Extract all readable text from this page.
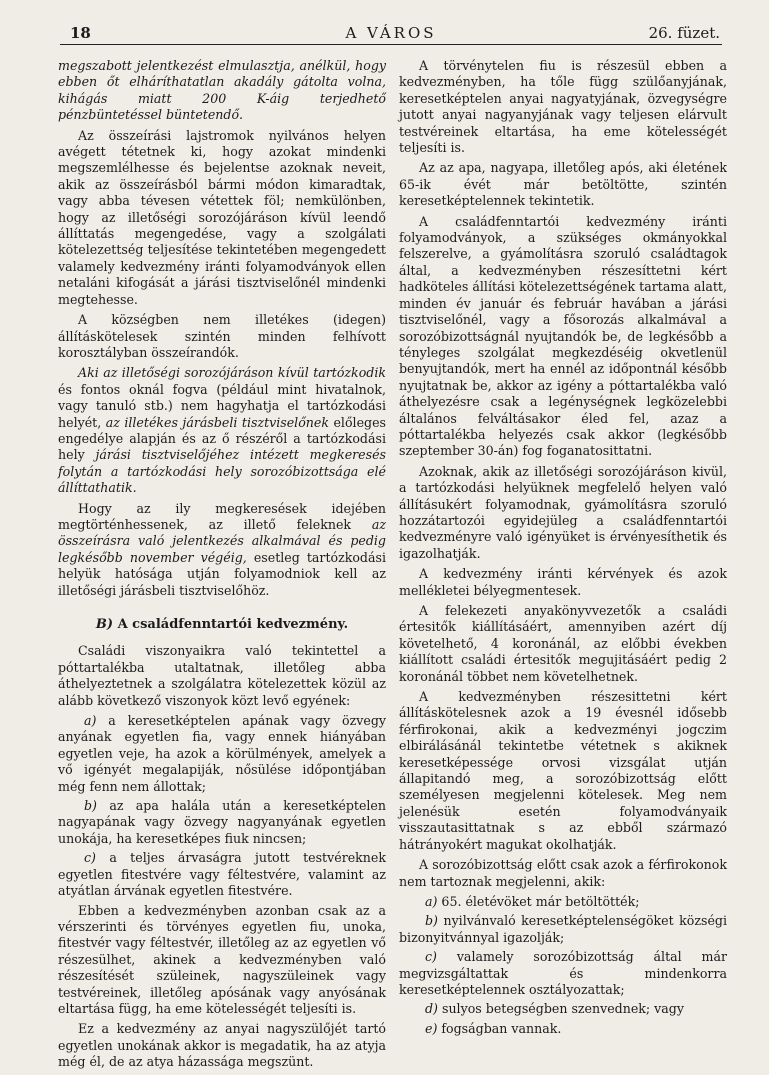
18	A VÁROS	26. füzet.

megszabott jelentkezést elmulasztja, anélkül, hogy ebben őt elháríthatatlan akadály gátolta volna, kihágás miatt 200 K-áig terjedhető pénzbüntetéssel büntetendő.

Az összeírási lajstromok nyilvános helyen avégett tétetnek ki, hogy azokat mindenki megszemlélhesse és bejelentse azoknak neveit, akik az összeírásból bármi módon kimaradtak, vagy abba tévesen vétettek föl; nemkülönben, hogy az illetőségi sorozójáráson kívül leendő állíttatás megengedése, vagy a szolgálati kötelezettség teljesítése tekintetében megengedett valamely kedvezmény iránti folyamodványok ellen netaláni kifogását a járási tisztviselőnél mindenki megtehesse.

A községben nem illetékes (idegen) állításkötelesek szintén minden felhívott korosztályban összeírandók.

Aki az illetőségi sorozójáráson kívül tartózkodik és fontos oknál fogva (például mint hivatalnok, vagy tanuló stb.) nem hagyhatja el tartózkodási helyét, az illetékes járásbeli tisztviselőnek előleges engedélye alapján és az ő részéről a tartózkodási hely járási tisztviselőjéhez intézett megkeresés folytán a tartózkodási hely sorozóbizottsága elé állíttathatik.

Hogy az ily megkeresések idejében megtörténhessenek, az illető feleknek az összeírásra való jelentkezés alkalmával és pedig legkésőbb november végéig, esetleg tartózkodási helyük hatósága utján folyamodniok kell az illetőségi járásbeli tisztviselőhöz.

B) A családfenntartói kedvezmény.

Családi viszonyaikra való tekintettel a póttartalékba utaltatnak, illetőleg abba áthelyeztetnek a szolgálatra kötelezettek közül az alább következő viszonyok közt levő egyének:

a) a keresetképtelen apának vagy özvegy anyának egyetlen fia, vagy ennek hiányában egyetlen veje, ha azok a körülmények, amelyek a vő igényét megalapiják, nősülése időpontjában még fenn nem állottak;

b) az apa halála után a keresetképtelen nagyapának vagy özvegy nagyanyának egyetlen unokája, ha keresetképes fiuk nincsen;

c) a teljes árvaságra jutott testvéreknek egyetlen fitestvére vagy féltestvére, valamint az atyátlan árvának egyetlen fitestvére.

Ebben a kedvezményben azonban csak az a vérszerinti és törvényes egyetlen fiu, unoka, fitestvér vagy féltestvér, illetőleg az az egyetlen vő részesülhet, akinek a kedvezményben való részesítését szüleinek, nagyszüleinek vagy testvéreinek, illetőleg apósának vagy anyósának eltartása függ, ha eme kötelességét teljesíti is.

Ez a kedvezmény az anyai nagyszülőjét tartó egyetlen unokának akkor is megadatik, ha az atyja még él, de az atya házassága megszünt.

A törvénytelen fiu is részesül ebben a kedvezményben, ha tőle függ szülőanyjának, keresetképtelen anyai nagyatyjának, özvegységre jutott anyai nagyanyjának vagy teljesen elárvult testvéreinek eltartása, ha eme kötelességét teljesíti is.

Az az apa, nagyapa, illetőleg após, aki életének 65-ik évét már betöltötte, szintén keresetképtelennek tekintetik.

A családfenntartói kedvezmény iránti folyamodványok, a szükséges okmányokkal felszerelve, a gyámolításra szoruló családtagok által, a kedvezményben részesíttetni kért hadköteles állítási kötelezettségének tartama alatt, minden év január és február havában a járási tisztviselőnél, vagy a fősorozás alkalmával a sorozóbizottságnál nyujtandók be, de legkésőbb a tényleges szolgálat megkezdéséig okvetlenül benyujtandók, mert ha ennél az időpontnál később nyujtatnak be, akkor az igény a póttartalékba való áthelyezésre csak a legénységnek legközelebbi általános felváltásakor éled fel, azaz a póttartalékba helyezés csak akkor (legkésőbb szeptember 30-án) fog foganatosittatni.

Azoknak, akik az illetőségi sorozójáráson kivül, a tartózkodási helyüknek megfelelő helyen való állításukért folyamodnak, gyámolításra szoruló hozzátartozói egyidejüleg a családfenntartói kedvezményre való igényüket is érvényesíthetik és igazolhatják.

A kedvezmény iránti kérvények és azok mellékletei bélyegmentesek.

A felekezeti anyakönyvvezetők a családi értesitők kiállításáért, amennyiben azért díj követelhető, 4 koronánál, az előbbi években kiállított családi értesitők megujitásáért pedig 2 koronánál többet nem követelhetnek.

A kedvezményben részesittetni kért állításkötelesnek azok a 19 évesnél idősebb férfirokonai, akik a kedvezményi jogczim elbirálásánál tekintetbe vétetnek s akiknek keresetképessége orvosi vizsgálat utján állapitandó meg, a sorozóbizottság előtt személyesen megjelenni kötelesek. Meg nem jelenésük esetén folyamodványaik visszautasittatnak s az ebből származó hátrányokért magukat okolhatják.

A sorozóbizottság előtt csak azok a férfirokonok nem tartoznak megjelenni, akik:

a) 65. életévöket már betöltötték;

b) nyilvánvaló keresetképtelenségöket községi bizonyitvánnyal igazolják;

c) valamely sorozóbizottság által már megvizsgáltattak és mindenkorra keresetképtelennek osztályozattak;

d) sulyos betegségben szenvednek; vagy

e) fogságban vannak.
